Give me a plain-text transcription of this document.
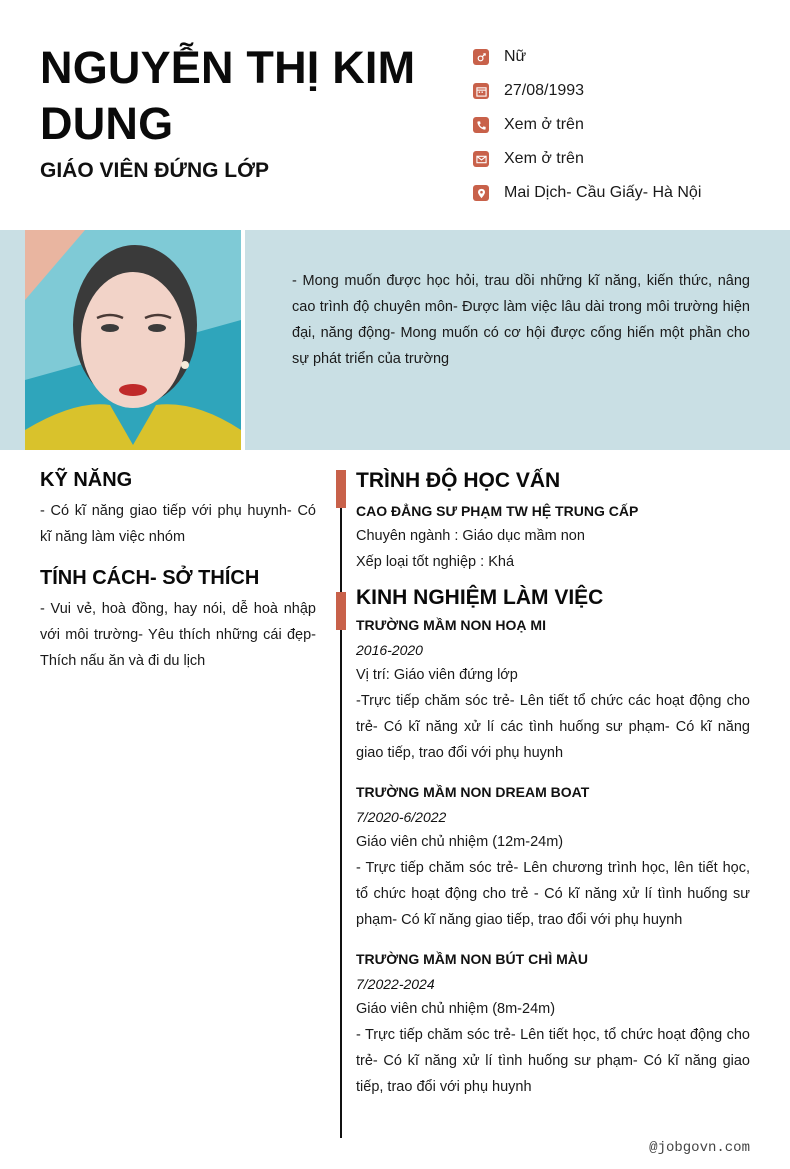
NGUYỄN THỊ KIM DUNG
GIÁO VIÊN ĐỨNG LỚP
Nữ
27/08/1993
Xem ở trên
Xem ở trên
Mai Dịch- Cầu Giấy- Hà Nội
- Mong muốn được học hỏi, trau dồi những kĩ năng, kiến thức, nâng cao trình độ chuyên môn- Được làm việc lâu dài trong môi trường hiện đại, năng động- Mong muốn có cơ hội được cống hiến một phần cho sự phát triển của trường
KỸ NĂNG
- Có kĩ năng giao tiếp với phụ huynh- Có kĩ năng làm việc nhóm
TÍNH CÁCH- SỞ THÍCH
- Vui vẻ, hoà đồng, hay nói, dễ hoà nhập với môi trường- Yêu thích những cái đẹp- Thích nấu ăn và đi du lịch
TRÌNH ĐỘ HỌC VẤN
CAO ĐẲNG SƯ PHẠM TW HỆ TRUNG CẤP
Chuyên ngành : Giáo dục mầm non
Xếp loại tốt nghiệp : Khá
KINH NGHIỆM LÀM VIỆC
TRƯỜNG MẦM NON HOẠ MI
2016-2020
Vị trí: Giáo viên đứng lớp
-Trực tiếp chăm sóc trẻ- Lên tiết tổ chức các hoạt động cho trẻ- Có kĩ năng xử lí các tình huống sư phạm- Có kĩ năng giao tiếp, trao đổi với phụ huynh
TRƯỜNG MẦM NON DREAM BOAT
7/2020-6/2022
Giáo viên chủ nhiệm (12m-24m)
- Trực tiếp chăm sóc trẻ- Lên chương trình học, lên tiết học, tổ chức hoạt động cho trẻ - Có kĩ năng xử lí tình huống sư phạm- Có kĩ năng giao tiếp, trao đổi với phụ huynh
TRƯỜNG MẦM NON BÚT CHÌ MÀU
7/2022-2024
Giáo viên chủ nhiệm (8m-24m)
- Trực tiếp chăm sóc trẻ- Lên tiết học, tổ chức hoạt động cho trẻ- Có kĩ năng xử lí tình huống sư phạm- Có kĩ năng giao tiếp, trao đổi với phụ huynh
@jobgovn.com
